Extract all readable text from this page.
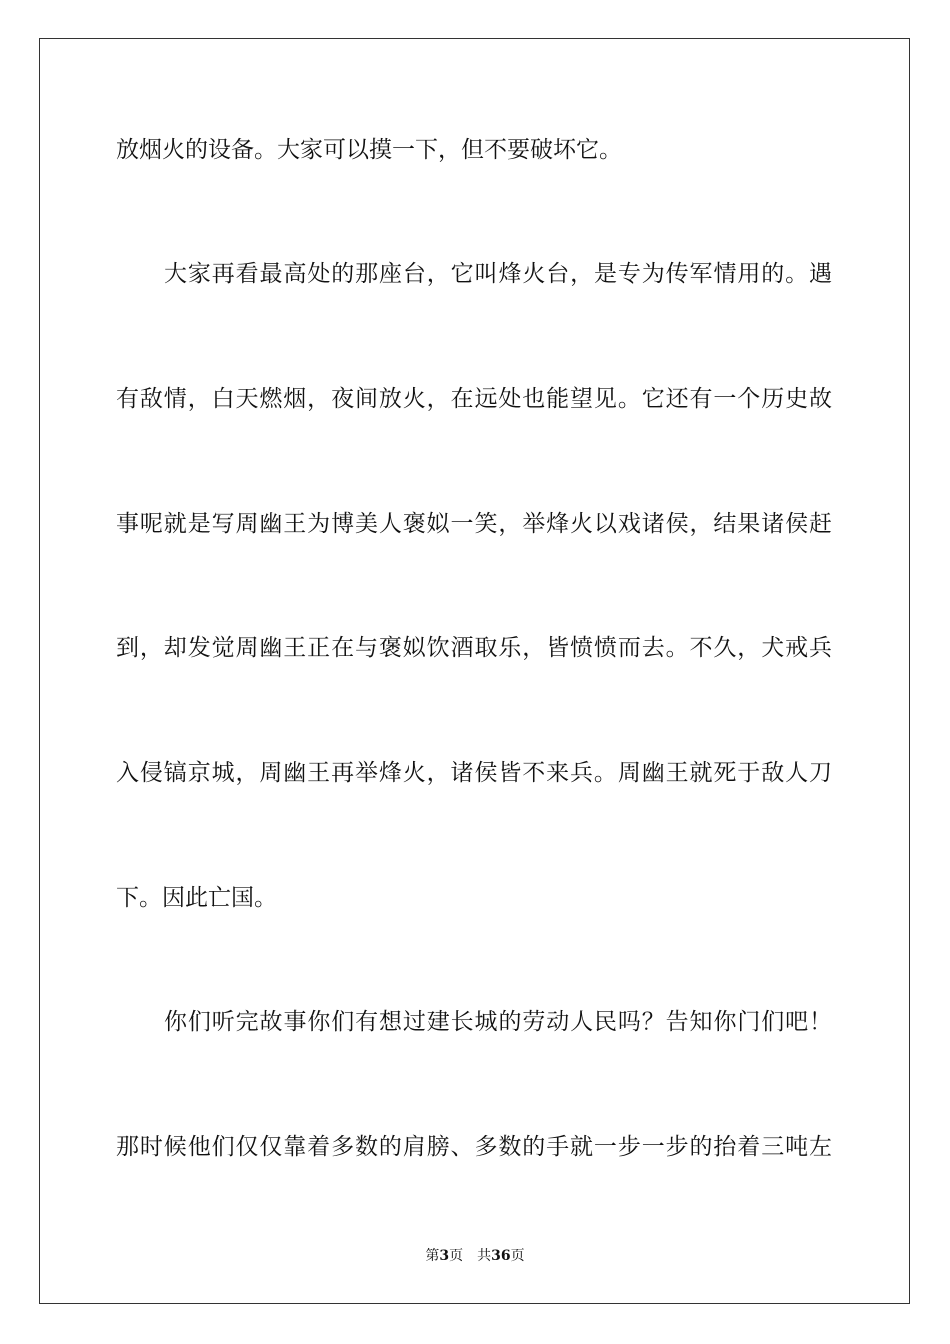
放烟火的设备。大家可以摸一下，但不要破坏它。
大家再看最高处的那座台，它叫烽火台，是专为传军情用的。遇
有敌情，白天燃烟，夜间放火，在远处也能望见。它还有一个历史故
事呢就是写周幽王为博美人褒姒一笑，举烽火以戏诸侯，结果诸侯赶
到，却发觉周幽王正在与褒姒饮酒取乐，皆愤愤而去。不久，犬戒兵
入侵镐京城，周幽王再举烽火，诸侯皆不来兵。周幽王就死于敌人刀
下。因此亡国。
你们听完故事你们有想过建长城的劳动人民吗？告知你门们吧！
那时候他们仅仅靠着多数的肩膀、多数的手就一步一步的抬着三吨左
第3页 共36页
